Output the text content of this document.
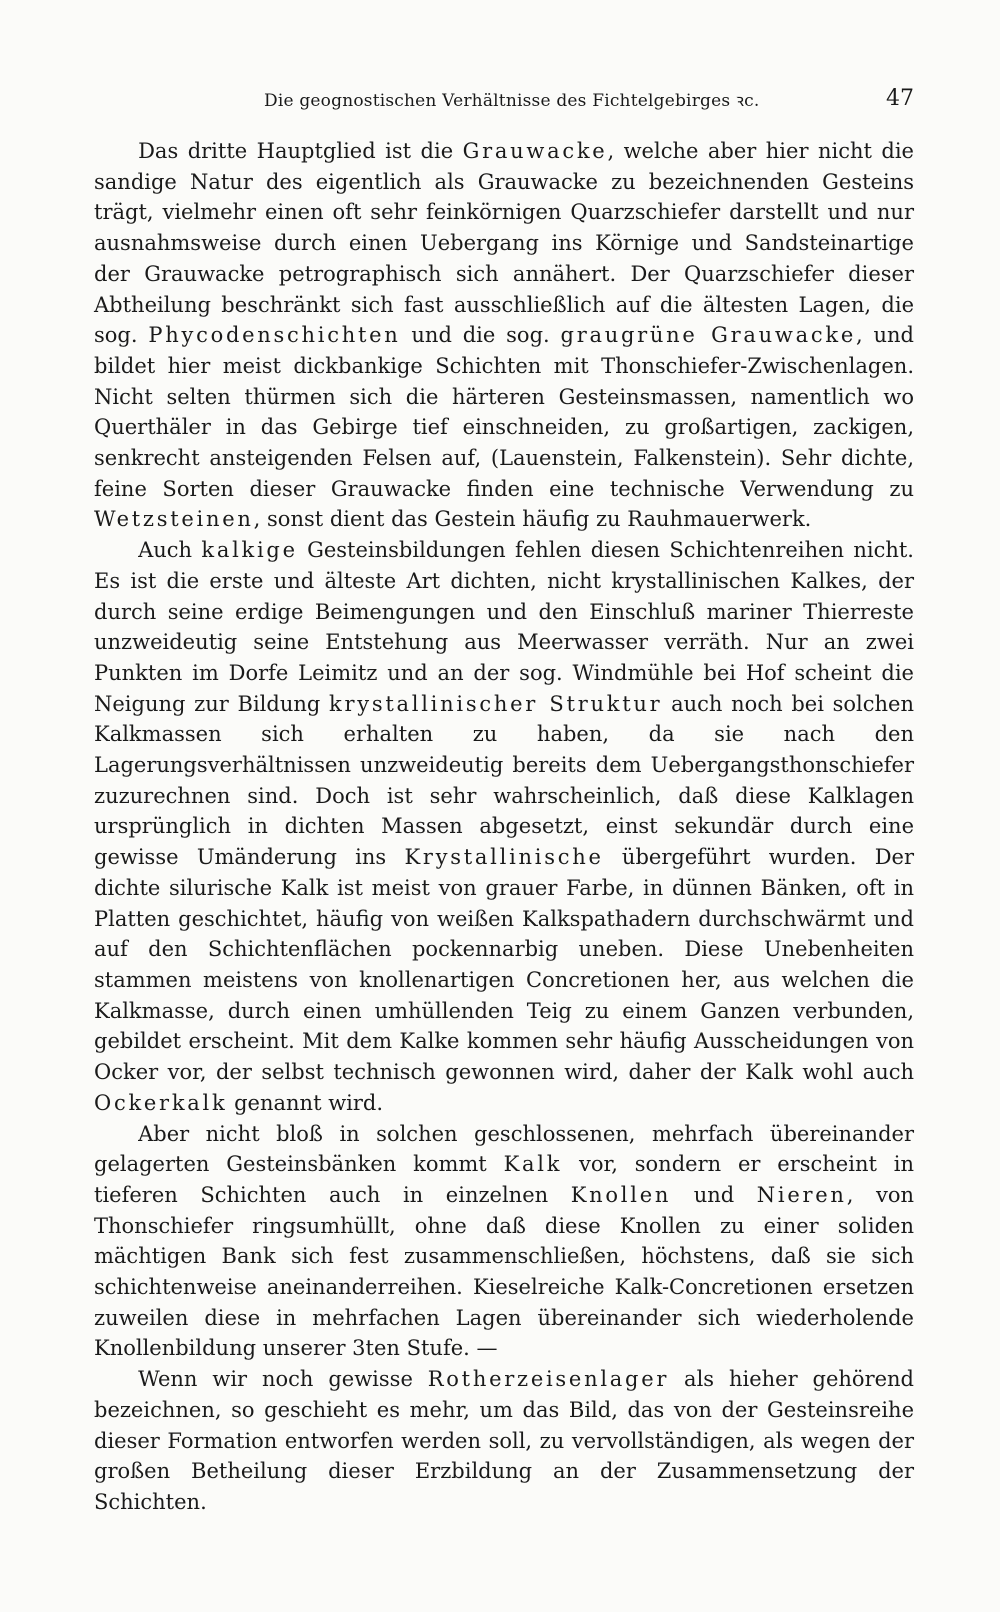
Die geognostischen Verhältnisse des Fichtelgebirges ꝛc.	47

Das dritte Hauptglied ist die Grauwacke, welche aber hier nicht die sandige Natur des eigentlich als Grauwacke zu bezeichnenden Gesteins trägt, vielmehr einen oft sehr feinkörnigen Quarzschiefer darstellt und nur ausnahmsweise durch einen Uebergang ins Körnige und Sandsteinartige der Grauwacke petrographisch sich annähert. Der Quarzschiefer dieser Abtheilung beschränkt sich fast ausschließlich auf die ältesten Lagen, die sog. Phycodenschichten und die sog. graugrüne Grauwacke, und bildet hier meist dickbankige Schichten mit Thonschiefer-Zwischenlagen. Nicht selten thürmen sich die härteren Gesteinsmassen, namentlich wo Querthäler in das Gebirge tief einschneiden, zu großartigen, zackigen, senkrecht ansteigenden Felsen auf, (Lauenstein, Falkenstein). Sehr dichte, feine Sorten dieser Grauwacke finden eine technische Verwendung zu Wetzsteinen, sonst dient das Gestein häufig zu Rauhmauerwerk.

Auch kalkige Gesteinsbildungen fehlen diesen Schichtenreihen nicht. Es ist die erste und älteste Art dichten, nicht krystallinischen Kalkes, der durch seine erdige Beimengungen und den Einschluß mariner Thierreste unzweideutig seine Entstehung aus Meerwasser verräth. Nur an zwei Punkten im Dorfe Leimitz und an der sog. Windmühle bei Hof scheint die Neigung zur Bildung krystallinischer Struktur auch noch bei solchen Kalkmassen sich erhalten zu haben, da sie nach den Lagerungsverhältnissen unzweideutig bereits dem Uebergangsthonschiefer zuzurechnen sind. Doch ist sehr wahrscheinlich, daß diese Kalklagen ursprünglich in dichten Massen abgesetzt, einst sekundär durch eine gewisse Umänderung ins Krystallinische übergeführt wurden. Der dichte silurische Kalk ist meist von grauer Farbe, in dünnen Bänken, oft in Platten geschichtet, häufig von weißen Kalkspathadern durchschwärmt und auf den Schichtenflächen pockennarbig uneben. Diese Unebenheiten stammen meistens von knollenartigen Concretionen her, aus welchen die Kalkmasse, durch einen umhüllenden Teig zu einem Ganzen verbunden, gebildet erscheint. Mit dem Kalke kommen sehr häufig Ausscheidungen von Ocker vor, der selbst technisch gewonnen wird, daher der Kalk wohl auch Ockerkalk genannt wird.

Aber nicht bloß in solchen geschlossenen, mehrfach übereinander gelagerten Gesteinsbänken kommt Kalk vor, sondern er erscheint in tieferen Schichten auch in einzelnen Knollen und Nieren, von Thonschiefer ringsumhüllt, ohne daß diese Knollen zu einer soliden mächtigen Bank sich fest zusammenschließen, höchstens, daß sie sich schichtenweise aneinanderreihen. Kieselreiche Kalk-Concretionen ersetzen zuweilen diese in mehrfachen Lagen übereinander sich wiederholende Knollenbildung unserer 3ten Stufe. —

Wenn wir noch gewisse Rotherzeisenlager als hieher gehörend bezeichnen, so geschieht es mehr, um das Bild, das von der Gesteinsreihe dieser Formation entworfen werden soll, zu vervollständigen, als wegen der großen Betheilung dieser Erzbildung an der Zusammensetzung der Schichten.
